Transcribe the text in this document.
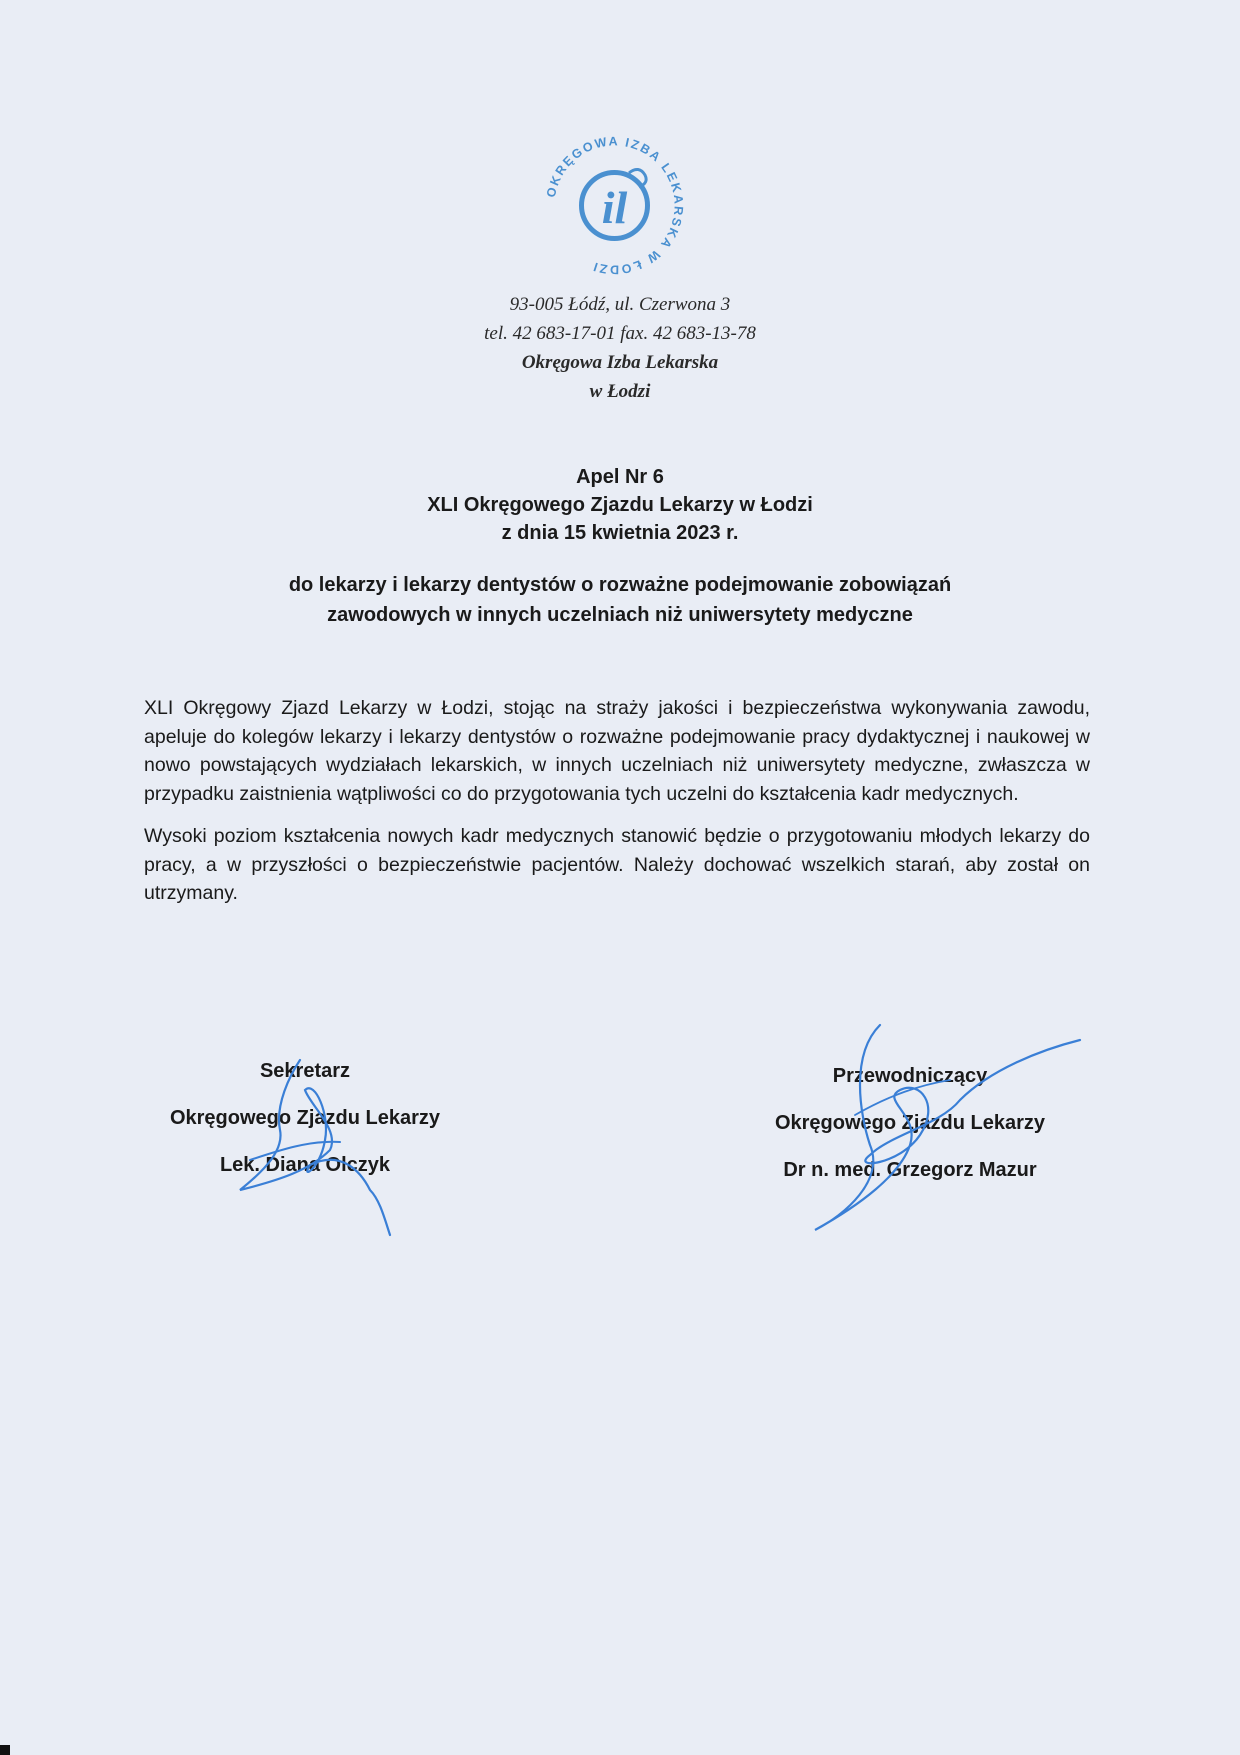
OKRĘGOWA IZBA LEKARSKA W ŁODZI
il
93-005 Łódź, ul. Czerwona 3
tel. 42 683-17-01 fax. 42 683-13-78
Okręgowa Izba Lekarska
w Łodzi
Apel Nr 6
XLI Okręgowego Zjazdu Lekarzy w Łodzi
z dnia 15 kwietnia 2023 r.
do lekarzy i lekarzy dentystów o rozważne podejmowanie zobowiązań
zawodowych w innych uczelniach niż uniwersytety medyczne

XLI Okręgowy Zjazd Lekarzy w Łodzi, stojąc na straży jakości i bezpieczeństwa wykonywania zawodu, apeluje do kolegów lekarzy i lekarzy dentystów o rozważne podejmowanie pracy dydaktycznej i naukowej w nowo powstających wydziałach lekarskich, w innych uczelniach niż uniwersytety medyczne, zwłaszcza w przypadku zaistnienia wątpliwości co do przygotowania tych uczelni do kształcenia kadr medycznych.

Wysoki poziom kształcenia nowych kadr medycznych stanowić będzie o przygotowaniu młodych lekarzy do pracy, a w przyszłości o bezpieczeństwie pacjentów. Należy dochować wszelkich starań, aby został on utrzymany.

Sekretarz
Okręgowego Zjazdu Lekarzy
Lek. Diana Olczyk
Przewodniczący
Okręgowego Zjazdu Lekarzy
Dr n. med. Grzegorz Mazur
